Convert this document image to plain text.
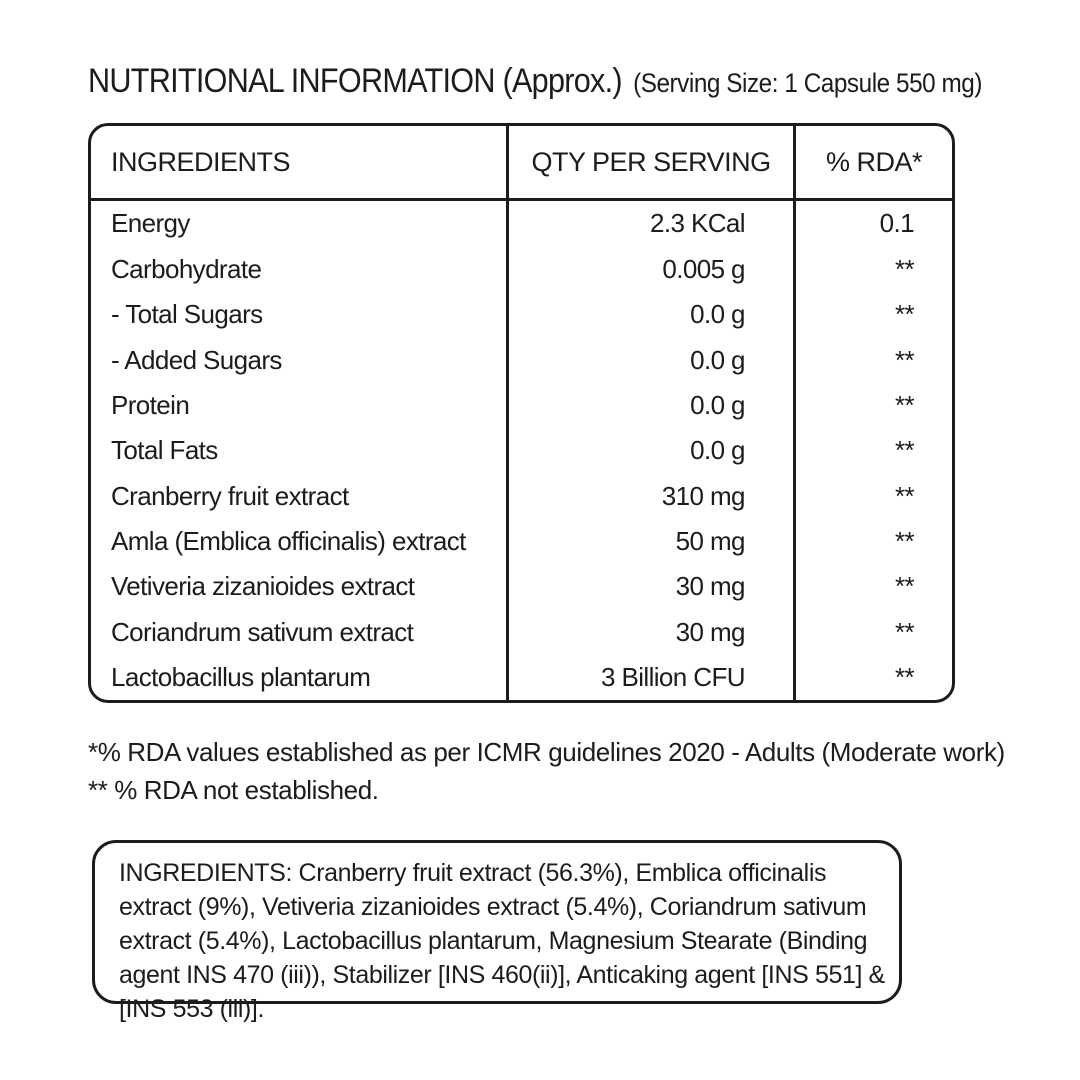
NUTRITIONAL INFORMATION (Approx.) (Serving Size: 1 Capsule 550 mg)
INGREDIENTS	QTY PER SERVING	% RDA*
Energy	2.3 KCal	0.1
Carbohydrate	0.005 g	**
- Total Sugars	0.0 g	**
- Added Sugars	0.0 g	**
Protein	0.0 g	**
Total Fats	0.0 g	**
Cranberry fruit extract	310 mg	**
Amla (Emblica officinalis) extract	50 mg	**
Vetiveria zizanioides extract	30 mg	**
Coriandrum sativum extract	30 mg	**
Lactobacillus plantarum	3 Billion CFU	**

*% RDA values established as per ICMR guidelines 2020 - Adults (Moderate work)

** % RDA not established.

INGREDIENTS: Cranberry fruit extract (56.3%), Emblica officinalis extract (9%), Vetiveria zizanioides extract (5.4%), Coriandrum sativum extract (5.4%), Lactobacillus plantarum, Magnesium Stearate (Binding agent INS 470 (iii)), Stabilizer [INS 460(ii)], Anticaking agent [INS 551] & [INS 553 (iii)].
